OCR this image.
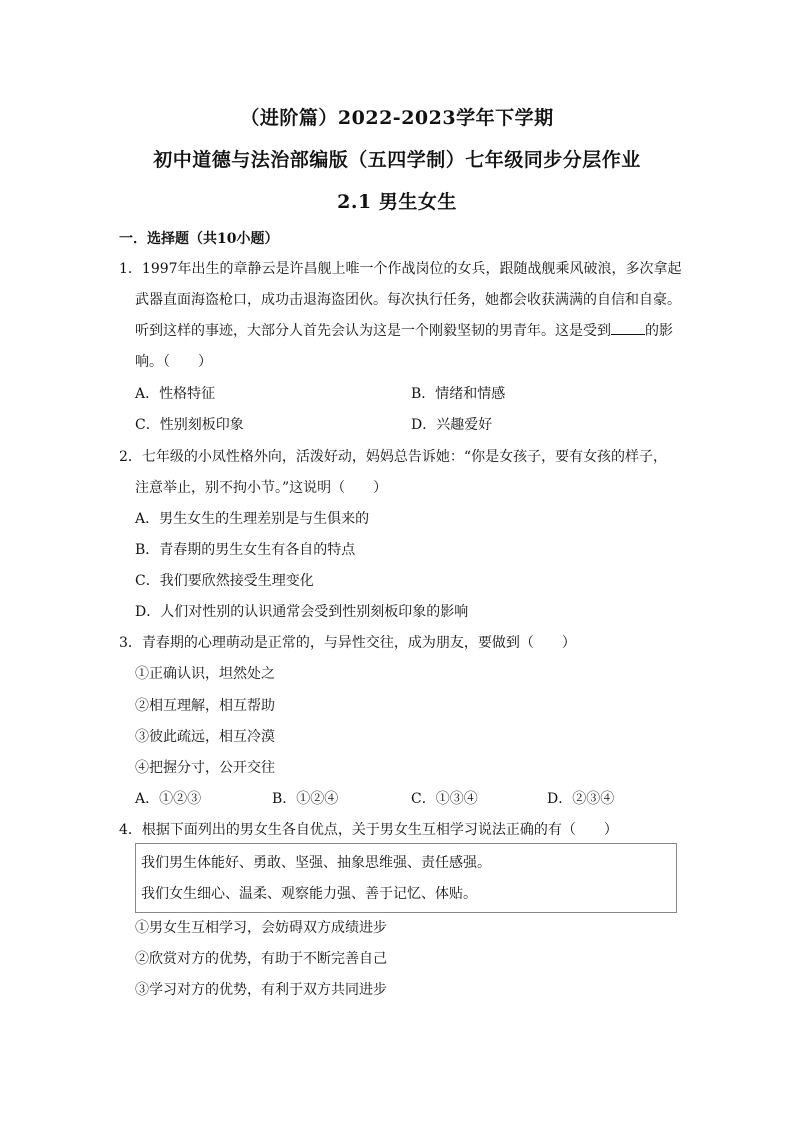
（进阶篇）2022-2023学年下学期
初中道德与法治部编版（五四学制）七年级同步分层作业
2.1 男生女生
一．选择题（共10小题）
1．1997年出生的章静云是许昌舰上唯一个作战岗位的女兵，跟随战舰乘风破浪，多次拿起
武器直面海盗枪口，成功击退海盗团伙。每次执行任务，她都会收获满满的自信和自豪。
听到这样的事迹，大部分人首先会认为这是一个刚毅坚韧的男青年。这是受到 的影
响。（　　）
A．性格特征	B．情绪和情感
C．性别刻板印象	D．兴趣爱好
2．七年级的小凤性格外向，活泼好动，妈妈总告诉她：“你是女孩子，要有女孩的样子，
注意举止，别不拘小节。”这说明（　　）
A．男生女生的生理差别是与生俱来的
B．青春期的男生女生有各自的特点
C．我们要欣然接受生理变化
D．人们对性别的认识通常会受到性别刻板印象的影响
3．青春期的心理萌动是正常的，与异性交往，成为朋友，要做到（　　）
①正确认识，坦然处之
②相互理解，相互帮助
③彼此疏远，相互冷漠
④把握分寸，公开交往
A．①②③	B．①②④	C．①③④	D．②③④
4．根据下面列出的男女生各自优点，关于男女生互相学习说法正确的有（　　）
我们男生体能好、勇敢、坚强、抽象思维强、责任感强。
我们女生细心、温柔、观察能力强、善于记忆、体贴。
①男女生互相学习，会妨碍双方成绩进步
②欣赏对方的优势，有助于不断完善自己
③学习对方的优势，有利于双方共同进步
